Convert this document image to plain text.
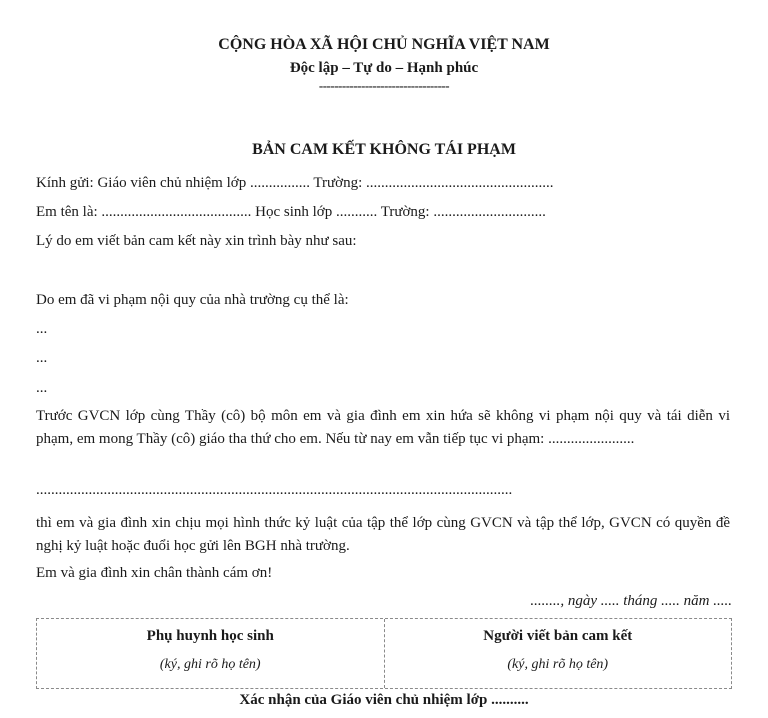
CỘNG HÒA XÃ HỘI CHỦ NGHĨA VIỆT NAM
Độc lập – Tự do – Hạnh phúc
----------------------------------
BẢN CAM KẾT KHÔNG TÁI PHẠM
Kính gửi: Giáo viên chủ nhiệm lớp ................ Trường: ..................................................
Em tên là: ........................................ Học sinh lớp ........... Trường: ..............................
Lý do em viết bản cam kết này xin trình bày như sau:
Do em đã vi phạm nội quy của nhà trường cụ thể là:
...
...
...
Trước GVCN lớp cùng Thầy (cô) bộ môn em và gia đình em xin hứa sẽ không vi phạm nội quy và tái diễn vi phạm, em mong Thầy (cô) giáo tha thứ cho em. Nếu từ nay em vẫn tiếp tục vi phạm: .......................
...............................................................................................................................
thì em và gia đình xin chịu mọi hình thức kỷ luật của tập thể lớp cùng GVCN và tập thể lớp, GVCN có quyền đề nghị kỷ luật hoặc đuổi học gửi lên BGH nhà trường.
Em và gia đình xin chân thành cám ơn!
........, ngày ..... tháng ..... năm .....
Phụ huynh học sinh
(ký, ghi rõ họ tên)
Người viết bản cam kết
(ký, ghi rõ họ tên)
Xác nhận của Giáo viên chủ nhiệm lớp ..........
